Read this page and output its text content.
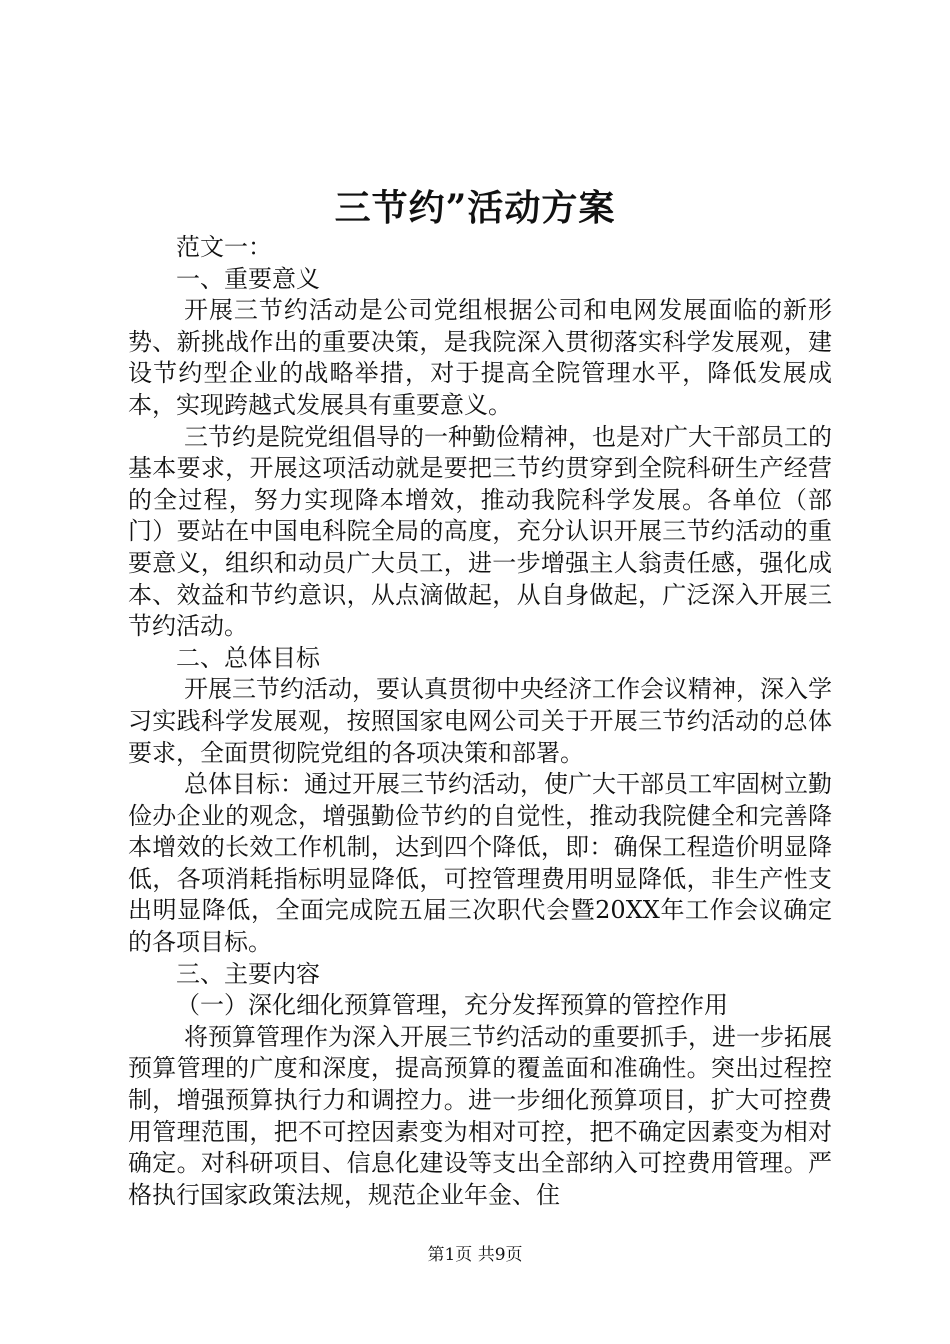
三节约”活动方案

范文一：

一、重要意义

开展三节约活动是公司党组根据公司和电网发展面临的新形势、新挑战作出的重要决策，是我院深入贯彻落实科学发展观，建设节约型企业的战略举措，对于提高全院管理水平，降低发展成本，实现跨越式发展具有重要意义。

三节约是院党组倡导的一种勤俭精神，也是对广大干部员工的基本要求，开展这项活动就是要把三节约贯穿到全院科研生产经营的全过程，努力实现降本增效，推动我院科学发展。各单位（部门）要站在中国电科院全局的高度，充分认识开展三节约活动的重要意义，组织和动员广大员工，进一步增强主人翁责任感，强化成本、效益和节约意识，从点滴做起，从自身做起，广泛深入开展三节约活动。

二、总体目标

开展三节约活动，要认真贯彻中央经济工作会议精神，深入学习实践科学发展观，按照国家电网公司关于开展三节约活动的总体要求，全面贯彻院党组的各项决策和部署。

总体目标：通过开展三节约活动，使广大干部员工牢固树立勤俭办企业的观念，增强勤俭节约的自觉性，推动我院健全和完善降本增效的长效工作机制，达到四个降低，即：确保工程造价明显降低，各项消耗指标明显降低，可控管理费用明显降低，非生产性支出明显降低，全面完成院五届三次职代会暨20XX年工作会议确定的各项目标。

三、主要内容

（一）深化细化预算管理，充分发挥预算的管控作用

将预算管理作为深入开展三节约活动的重要抓手，进一步拓展预算管理的广度和深度，提高预算的覆盖面和准确性。突出过程控制，增强预算执行力和调控力。进一步细化预算项目，扩大可控费用管理范围，把不可控因素变为相对可控，把不确定因素变为相对确定。对科研项目、信息化建设等支出全部纳入可控费用管理。严格执行国家政策法规，规范企业年金、住

第1页 共9页
